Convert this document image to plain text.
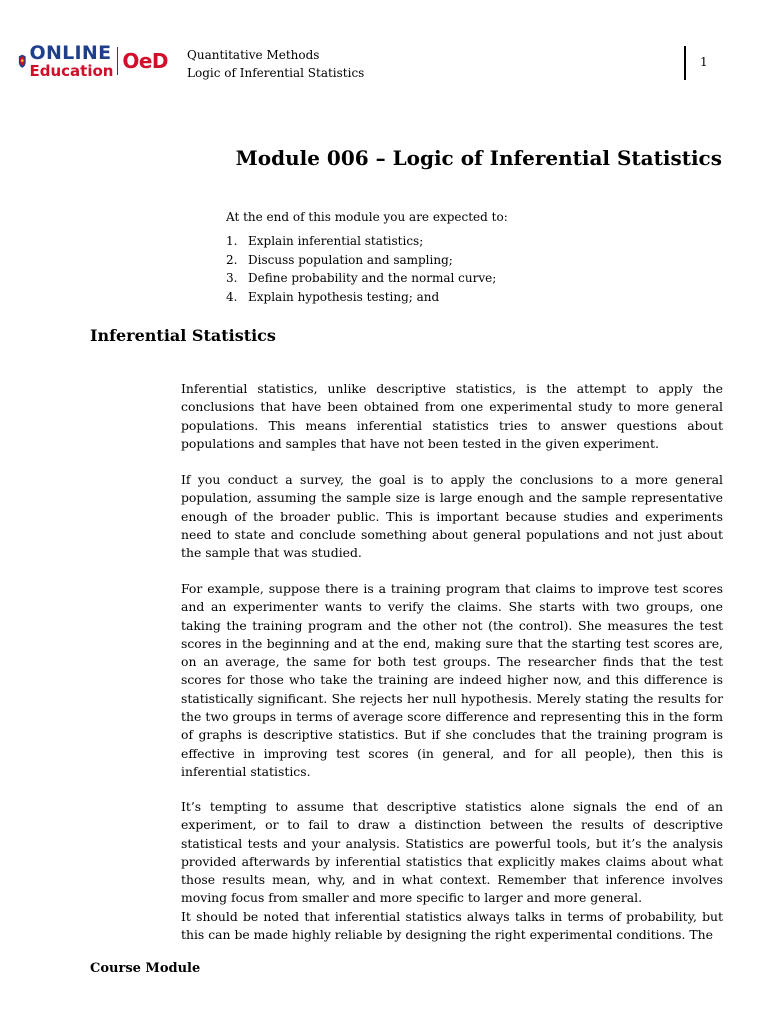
ONLINE
Education OeD Quantitative Methods
Logic of Inferential Statistics
1
Module 006 – Logic of Inferential Statistics
At the end of this module you are expected to:
1. Explain inferential statistics;
2. Discuss population and sampling;
3. Define probability and the normal curve;
4. Explain hypothesis testing; and
Inferential Statistics

Inferential statistics, unlike descriptive statistics, is the attempt to apply the conclusions that have been obtained from one experimental study to more general populations. This means inferential statistics tries to answer questions about populations and samples that have not been tested in the given experiment.

If you conduct a survey, the goal is to apply the conclusions to a more general population, assuming the sample size is large enough and the sample representative enough of the broader public. This is important because studies and experiments need to state and conclude something about general populations and not just about the sample that was studied.

For example, suppose there is a training program that claims to improve test scores and an experimenter wants to verify the claims. She starts with two groups, one taking the training program and the other not (the control). She measures the test scores in the beginning and at the end, making sure that the starting test scores are, on an average, the same for both test groups. The researcher finds that the test scores for those who take the training are indeed higher now, and this difference is statistically significant. She rejects her null hypothesis. Merely stating the results for the two groups in terms of average score difference and representing this in the form of graphs is descriptive statistics. But if she concludes that the training program is effective in improving test scores (in general, and for all people), then this is inferential statistics.

It’s tempting to assume that descriptive statistics alone signals the end of an experiment, or to fail to draw a distinction between the results of descriptive statistical tests and your analysis. Statistics are powerful tools, but it’s the analysis provided afterwards by inferential statistics that explicitly makes claims about what those results mean, why, and in what context. Remember that inference involves moving focus from smaller and more specific to larger and more general.

It should be noted that inferential statistics always talks in terms of probability, but this can be made highly reliable by designing the right experimental conditions. The

Course Module
